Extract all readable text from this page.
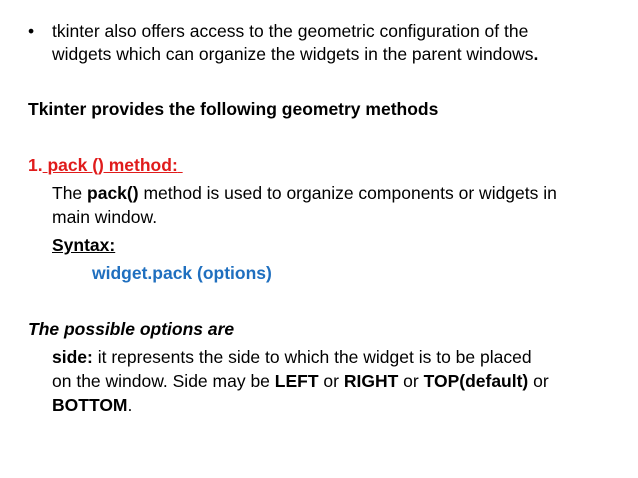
• tkinter also offers access to the geometric configuration of the
widgets which can organize the widgets in the parent windows.
Tkinter provides the following geometry methods
1. pack () method:
The pack() method is used to organize components or widgets in
main window.
Syntax:
widget.pack (options)
The possible options are
side: it represents the side to which the widget is to be placed
on the window. Side may be LEFT or RIGHT or TOP(default) or
BOTTOM.
